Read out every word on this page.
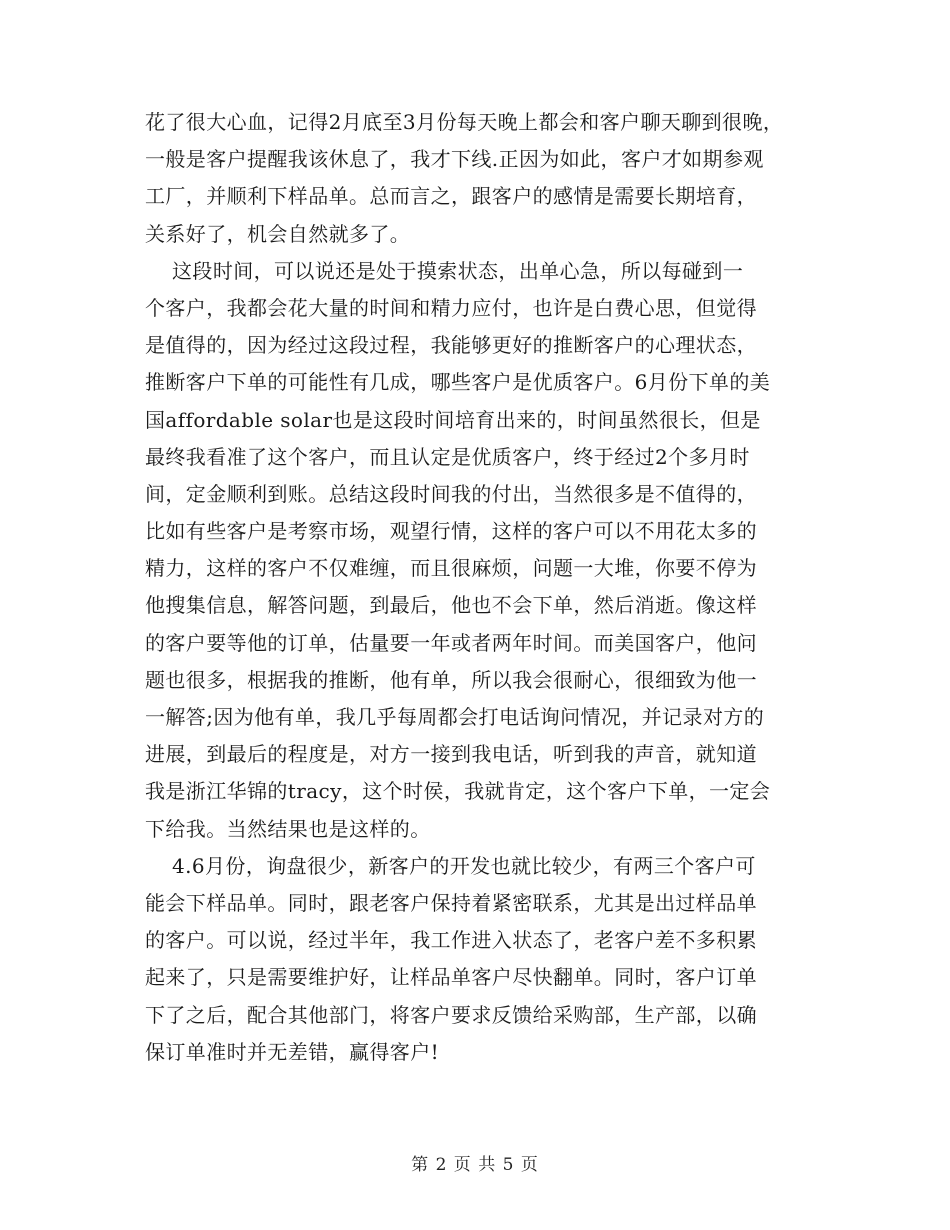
花了很大心血，记得2月底至3月份每天晚上都会和客户聊天聊到很晚，
一般是客户提醒我该休息了，我才下线.正因为如此，客户才如期参观
工厂，并顺利下样品单。总而言之，跟客户的感情是需要长期培育，
关系好了，机会自然就多了。
这段时间，可以说还是处于摸索状态，出单心急，所以每碰到一
个客户，我都会花大量的时间和精力应付，也许是白费心思，但觉得
是值得的，因为经过这段过程，我能够更好的推断客户的心理状态，
推断客户下单的可能性有几成，哪些客户是优质客户。6月份下单的美
国affordable solar也是这段时间培育出来的，时间虽然很长，但是
最终我看准了这个客户，而且认定是优质客户，终于经过2个多月时
间，定金顺利到账。总结这段时间我的付出，当然很多是不值得的，
比如有些客户是考察市场，观望行情，这样的客户可以不用花太多的
精力，这样的客户不仅难缠，而且很麻烦，问题一大堆，你要不停为
他搜集信息，解答问题，到最后，他也不会下单，然后消逝。像这样
的客户要等他的订单，估量要一年或者两年时间。而美国客户，他问
题也很多，根据我的推断，他有单，所以我会很耐心，很细致为他一
一解答;因为他有单，我几乎每周都会打电话询问情况，并记录对方的
进展，到最后的程度是，对方一接到我电话，听到我的声音，就知道
我是浙江华锦的tracy，这个时侯，我就肯定，这个客户下单，一定会
下给我。当然结果也是这样的。
4.6月份，询盘很少，新客户的开发也就比较少，有两三个客户可
能会下样品单。同时，跟老客户保持着紧密联系，尤其是出过样品单
的客户。可以说，经过半年，我工作进入状态了，老客户差不多积累
起来了，只是需要维护好，让样品单客户尽快翻单。同时，客户订单
下了之后，配合其他部门，将客户要求反馈给采购部，生产部，以确
保订单准时并无差错，赢得客户!
第 2 页 共 5 页
